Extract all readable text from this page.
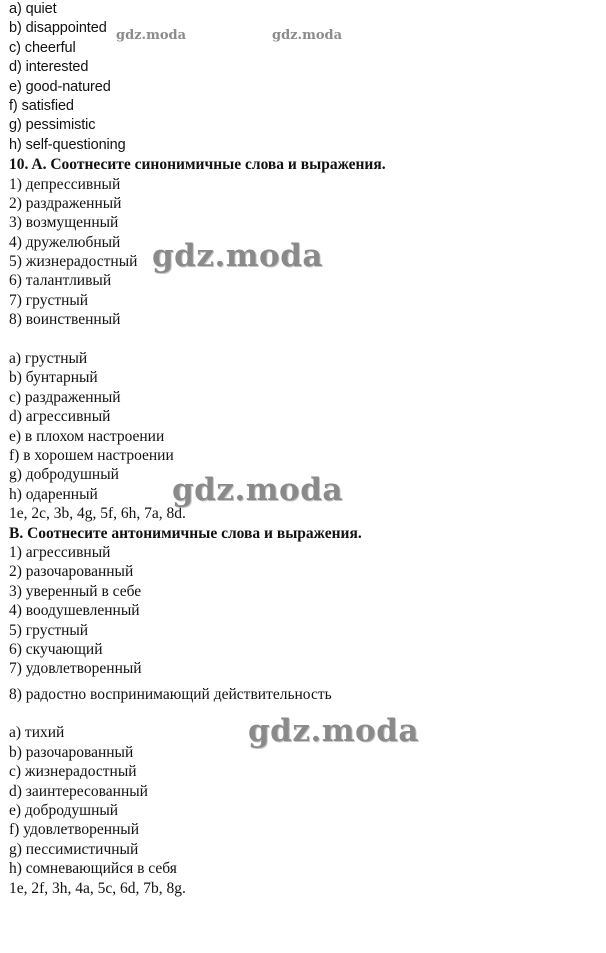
a) quiet
b) disappointed
c) cheerful
d) interested
e) good-natured
f) satisfied
g) pessimistic
h) self-questioning
10. A. Соотнесите синонимичные слова и выражения.
1) депрессивный
2) раздраженный
3) возмущенный
4) дружелюбный
5) жизнерадостный
6) талантливый
7) грустный
8) воинственный
a) грустный
b) бунтарный
c) раздраженный
d) агрессивный
e) в плохом настроении
f) в хорошем настроении
g) добродушный
h) одаренный
1e, 2c, 3b, 4g, 5f, 6h, 7a, 8d.
B. Соотнесите антонимичные слова и выражения.
1) агрессивный
2) разочарованный
3) уверенный в себе
4) воодушевленный
5) грустный
6) скучающий
7) удовлетворенный
8) радостно воспринимающий действительность
a) тихий
b) разочарованный
c) жизнерадостный
d) заинтересованный
e) добродушный
f) удовлетворенный
g) пессимистичный
h) сомневающийся в себя
1e, 2f, 3h, 4a, 5c, 6d, 7b, 8g.
gdz.moda	gdz.moda
gdz.moda
gdz.moda
gdz.moda
